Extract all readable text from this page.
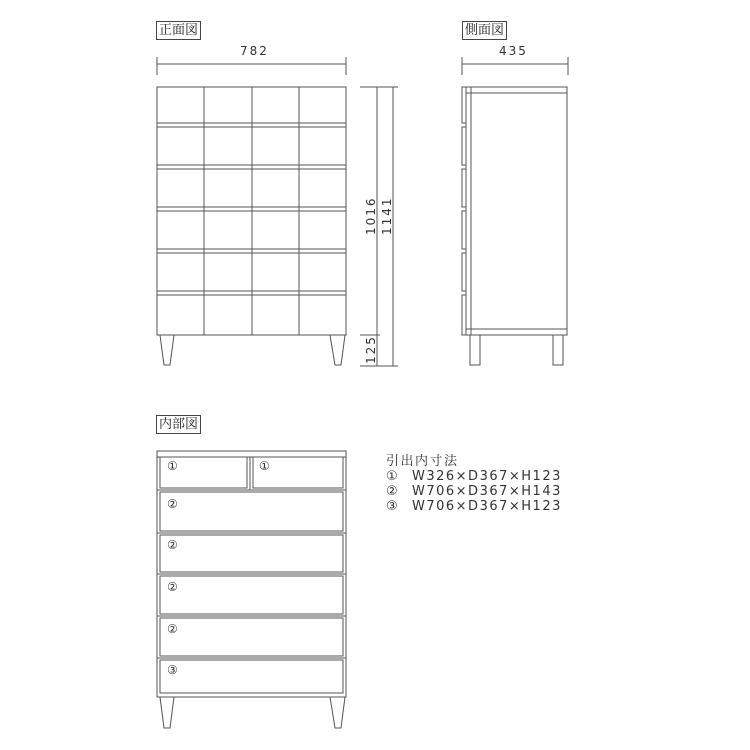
正面図	側面図
内部図
782	435
1016 1141
125
①	①
②
②
②
②
③
引出内寸法
① W326×D367×H123
② W706×D367×H143
③ W706×D367×H123
